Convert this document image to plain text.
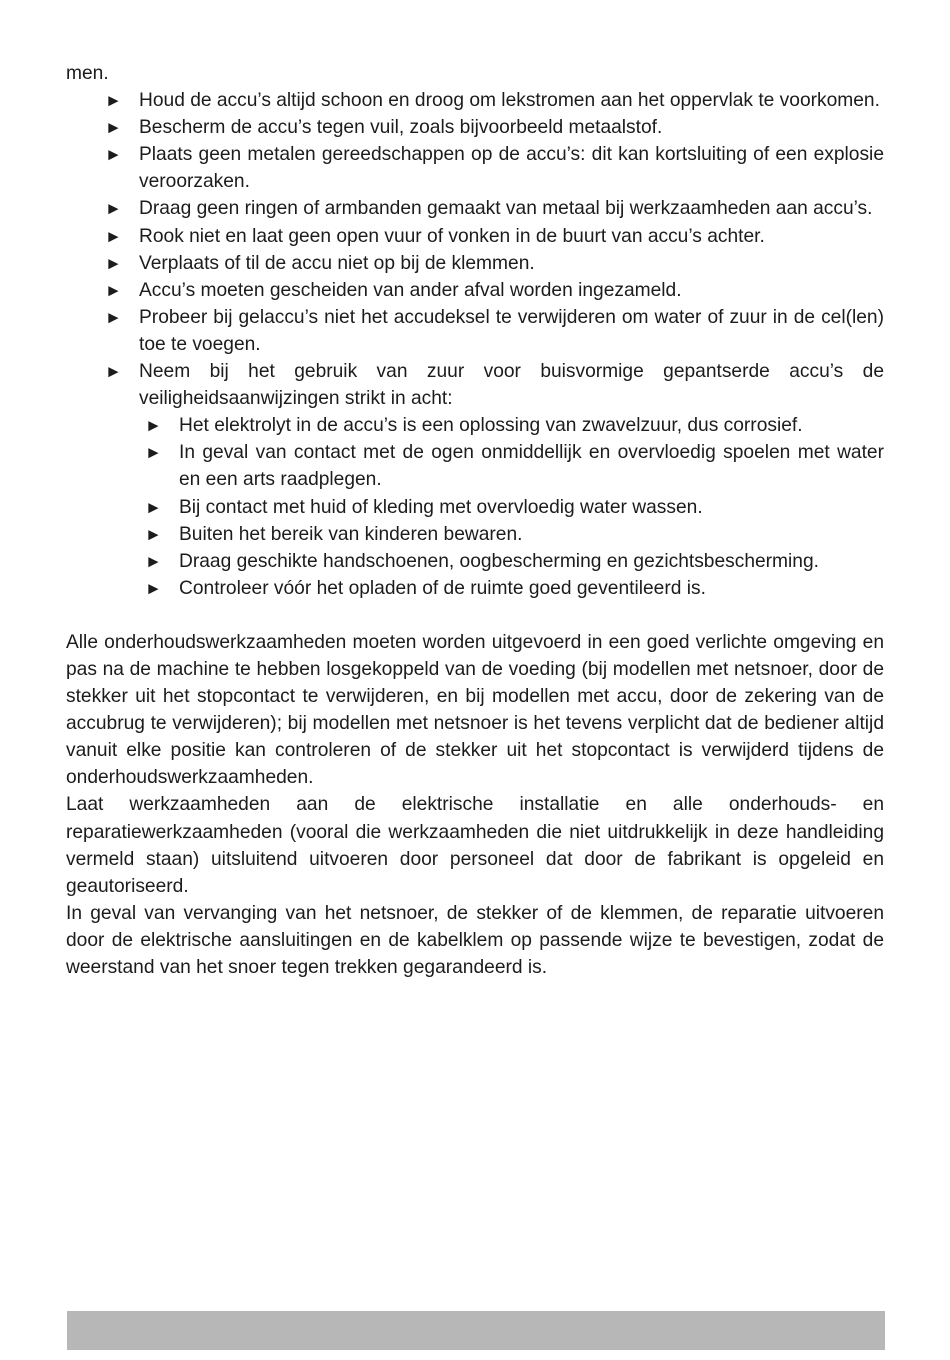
men.

► Houd de accu’s altijd schoon en droog om lekstromen aan het oppervlak te voorkomen.
► Bescherm de accu’s tegen vuil, zoals bijvoorbeeld metaalstof.
► Plaats geen metalen gereedschappen op de accu’s: dit kan kortsluiting of een explosie veroorzaken.
► Draag geen ringen of armbanden gemaakt van metaal bij werkzaamheden aan accu’s.
► Rook niet en laat geen open vuur of vonken in de buurt van accu’s achter.
► Verplaats of til de accu niet op bij de klemmen.
► Accu’s moeten gescheiden van ander afval worden ingezameld.
► Probeer bij gelaccu’s niet het accudeksel te verwijderen om water of zuur in de cel(len) toe te voegen.
► Neem bij het gebruik van zuur voor buisvormige gepantserde accu’s de veiligheidsaanwijzingen strikt in acht:
► Het elektrolyt in de accu’s is een oplossing van zwavelzuur, dus corrosief.
► In geval van contact met de ogen onmiddellijk en overvloedig spoelen met water en een arts raadplegen.
► Bij contact met huid of kleding met overvloedig water wassen.
► Buiten het bereik van kinderen bewaren.
► Draag geschikte handschoenen, oogbescherming en gezichtsbescherming.
► Controleer vóór het opladen of de ruimte goed geventileerd is.

Alle onderhoudswerkzaamheden moeten worden uitgevoerd in een goed verlichte omgeving en pas na de machine te hebben losgekoppeld van de voeding (bij modellen met netsnoer, door de stekker uit het stopcontact te verwijderen, en bij modellen met accu, door de zekering van de accubrug te verwijderen); bij modellen met netsnoer is het tevens verplicht dat de bediener altijd vanuit elke positie kan controleren of de stekker uit het stopcontact is verwijderd tijdens de onderhoudswerkzaamheden.

Laat werkzaamheden aan de elektrische installatie en alle onderhouds- en reparatiewerkzaamheden (vooral die werkzaamheden die niet uitdrukkelijk in deze handleiding vermeld staan) uitsluitend uitvoeren door personeel dat door de fabrikant is opgeleid en geautoriseerd.

In geval van vervanging van het netsnoer, de stekker of de klemmen, de reparatie uitvoeren door de elektrische aansluitingen en de kabelklem op passende wijze te bevestigen, zodat de weerstand van het snoer tegen trekken gegarandeerd is.
